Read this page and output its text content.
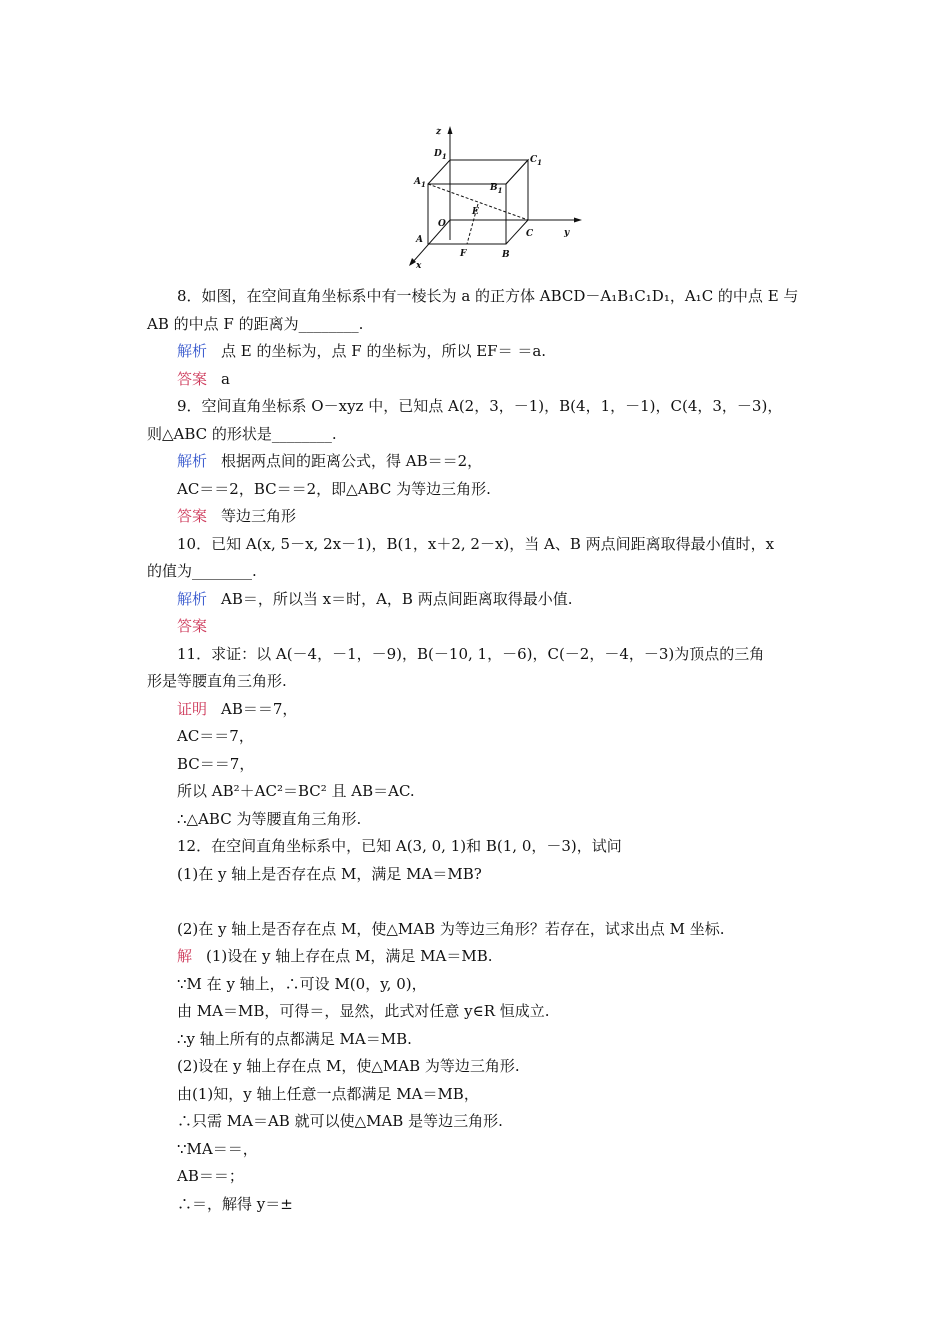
z
y
x
$D_1$	$C_1$
$A_1$	$B_1$
O
E
A
F	B
C
8．如图，在空间直角坐标系中有一棱长为 a 的正方体 ABCD－A₁B₁C₁D₁，A₁C 的中点 E 与
AB 的中点 F 的距离为________.
解析 点 E 的坐标为，点 F 的坐标为，所以 EF＝ ＝a.
答案 a
9．空间直角坐标系 O－xyz 中，已知点 A(2，3，－1)，B(4，1，－1)，C(4，3，－3)，
则△ABC 的形状是________.
解析 根据两点间的距离公式，得 AB＝＝2，
AC＝＝2，BC＝＝2，即△ABC 为等边三角形.
答案 等边三角形
10．已知 A(x, 5－x, 2x－1)，B(1，x＋2, 2－x)，当 A、B 两点间距离取得最小值时，x
的值为________.
解析 AB＝，所以当 x＝时，A，B 两点间距离取得最小值.
答案
11．求证：以 A(－4，－1，－9)，B(－10, 1，－6)，C(－2，－4，－3)为顶点的三角
形是等腰直角三角形.
证明 AB＝＝7，
AC＝＝7，
BC＝＝7，
所以 AB²＋AC²＝BC² 且 AB＝AC.
∴△ABC 为等腰直角三角形.
12．在空间直角坐标系中，已知 A(3, 0, 1)和 B(1, 0，－3)，试问
(1)在 y 轴上是否存在点 M，满足 MA＝MB?
(2)在 y 轴上是否存在点 M，使△MAB 为等边三角形？若存在，试求出点 M 坐标.
解 (1)设在 y 轴上存在点 M，满足 MA＝MB.
∵M 在 y 轴上，∴可设 M(0，y, 0)，
由 MA＝MB，可得＝，显然，此式对任意 y∈R 恒成立.
∴y 轴上所有的点都满足 MA＝MB.
(2)设在 y 轴上存在点 M，使△MAB 为等边三角形.
由(1)知，y 轴上任意一点都满足 MA＝MB，
∴只需 MA＝AB 就可以使△MAB 是等边三角形.
∵MA＝＝，
AB＝＝；
∴＝，解得 y＝±
